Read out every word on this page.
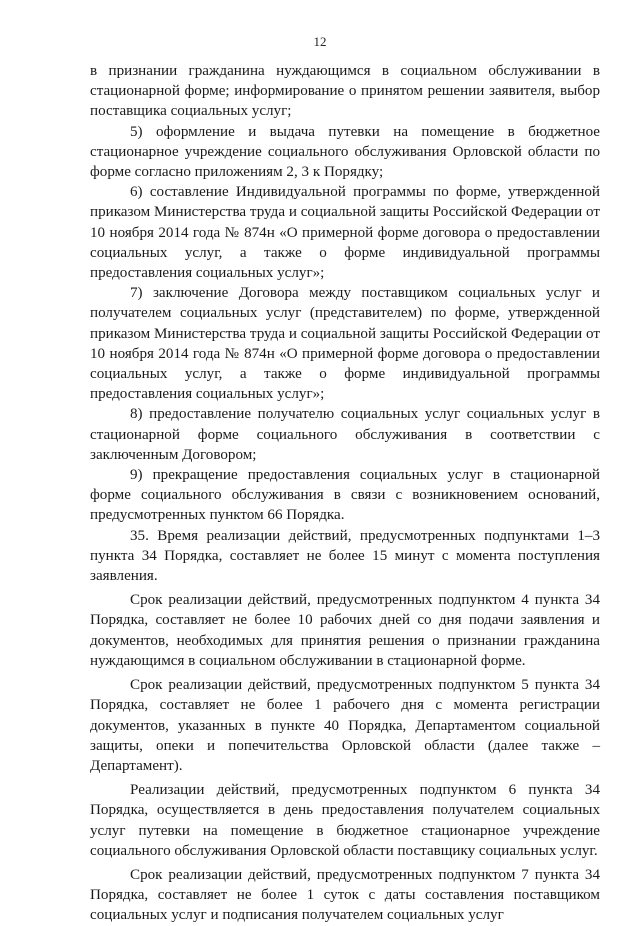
12

в признании гражданина нуждающимся в социальном обслуживании в стационарной форме; информирование о принятом решении заявителя, выбор поставщика социальных услуг;

5) оформление и выдача путевки на помещение в бюджетное стационарное учреждение социального обслуживания Орловской области по форме согласно приложениям 2, 3 к Порядку;

6) составление Индивидуальной программы по форме, утвержденной приказом Министерства труда и социальной защиты Российской Федерации от 10 ноября 2014 года № 874н «О примерной форме договора о предоставлении социальных услуг, а также о форме индивидуальной программы предоставления социальных услуг»;

7) заключение Договора между поставщиком социальных услуг и получателем социальных услуг (представителем) по форме, утвержденной приказом Министерства труда и социальной защиты Российской Федерации от 10 ноября 2014 года № 874н «О примерной форме договора о предоставлении социальных услуг, а также о форме индивидуальной программы предоставления социальных услуг»;

8) предоставление получателю социальных услуг социальных услуг в стационарной форме социального обслуживания в соответствии с заключенным Договором;

9) прекращение предоставления социальных услуг в стационарной форме социального обслуживания в связи с возникновением оснований, предусмотренных пунктом 66 Порядка.

35. Время реализации действий, предусмотренных подпунктами 1–3 пункта 34 Порядка, составляет не более 15 минут с момента поступления заявления.

Срок реализации действий, предусмотренных подпунктом 4 пункта 34 Порядка, составляет не более 10 рабочих дней со дня подачи заявления и документов, необходимых для принятия решения о признании гражданина нуждающимся в социальном обслуживании в стационарной форме.

Срок реализации действий, предусмотренных подпунктом 5 пункта 34 Порядка, составляет не более 1 рабочего дня с момента регистрации документов, указанных в пункте 40 Порядка, Департаментом социальной защиты, опеки и попечительства Орловской области (далее также – Департамент).

Реализации действий, предусмотренных подпунктом 6 пункта 34 Порядка, осуществляется в день предоставления получателем социальных услуг путевки на помещение в бюджетное стационарное учреждение социального обслуживания Орловской области поставщику социальных услуг.

Срок реализации действий, предусмотренных подпунктом 7 пункта 34 Порядка, составляет не более 1 суток с даты составления поставщиком социальных услуг и подписания получателем социальных услуг
